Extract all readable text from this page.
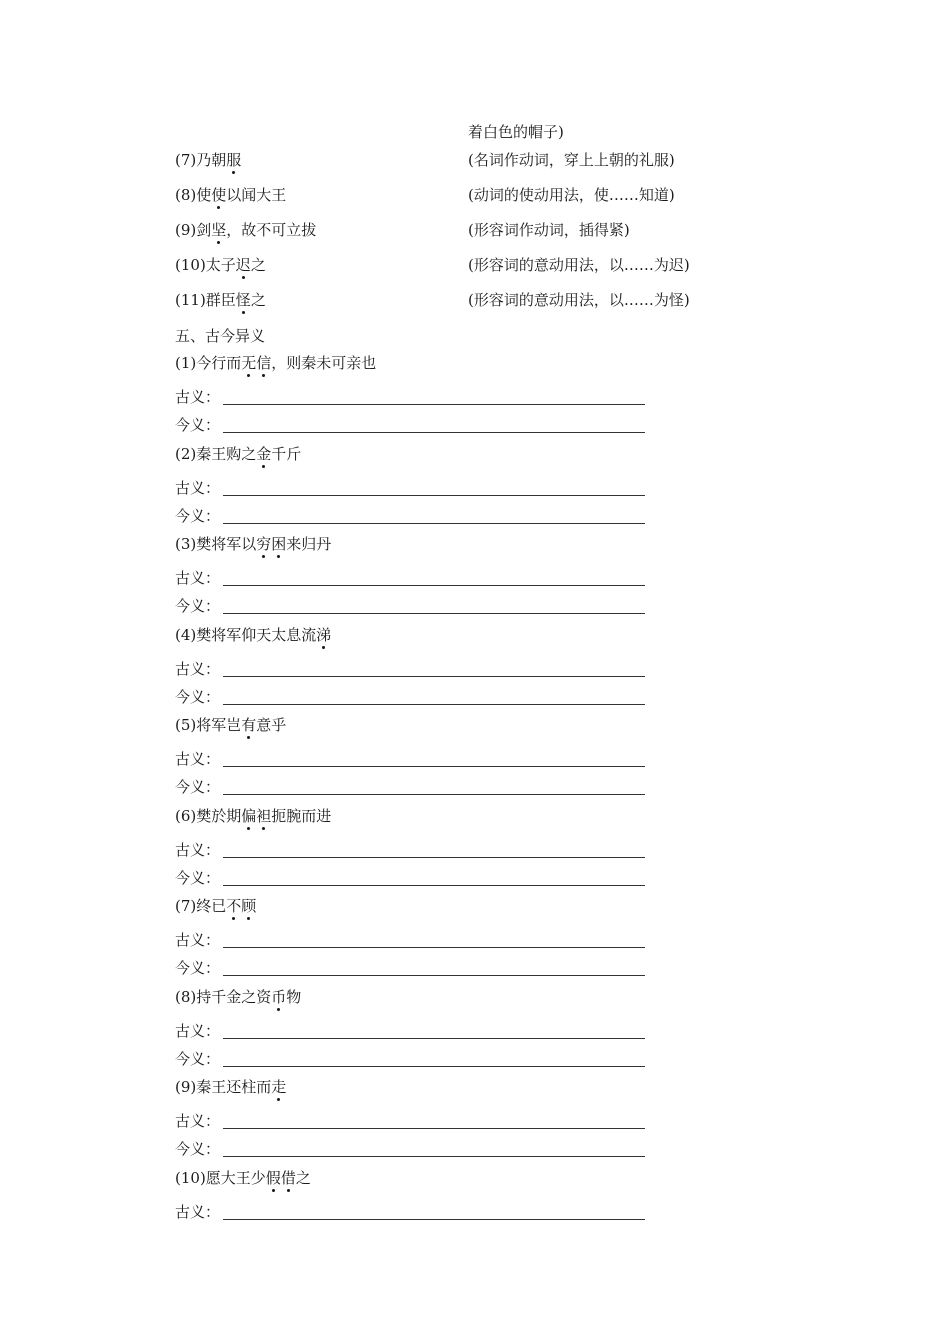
着白色的帽子)
(7)乃朝服	(名词作动词，穿上上朝的礼服)
(8)使使以闻大王	(动词的使动用法，使……知道)
(9)剑坚，故不可立拔	(形容词作动词，插得紧)
(10)太子迟之	(形容词的意动用法，以……为迟)
(11)群臣怪之	(形容词的意动用法，以……为怪)
五、古今异义
(1)今行而无信，则秦未可亲也
古义：
今义：
(2)秦王购之金千斤
古义：
今义：
(3)樊将军以穷困来归丹
古义：
今义：
(4)樊将军仰天太息流涕
古义：
今义：
(5)将军岂有意乎
古义：
今义：
(6)樊於期偏袒扼腕而进
古义：
今义：
(7)终已不顾
古义：
今义：
(8)持千金之资币物
古义：
今义：
(9)秦王还柱而走
古义：
今义：
(10)愿大王少假借之
古义：
